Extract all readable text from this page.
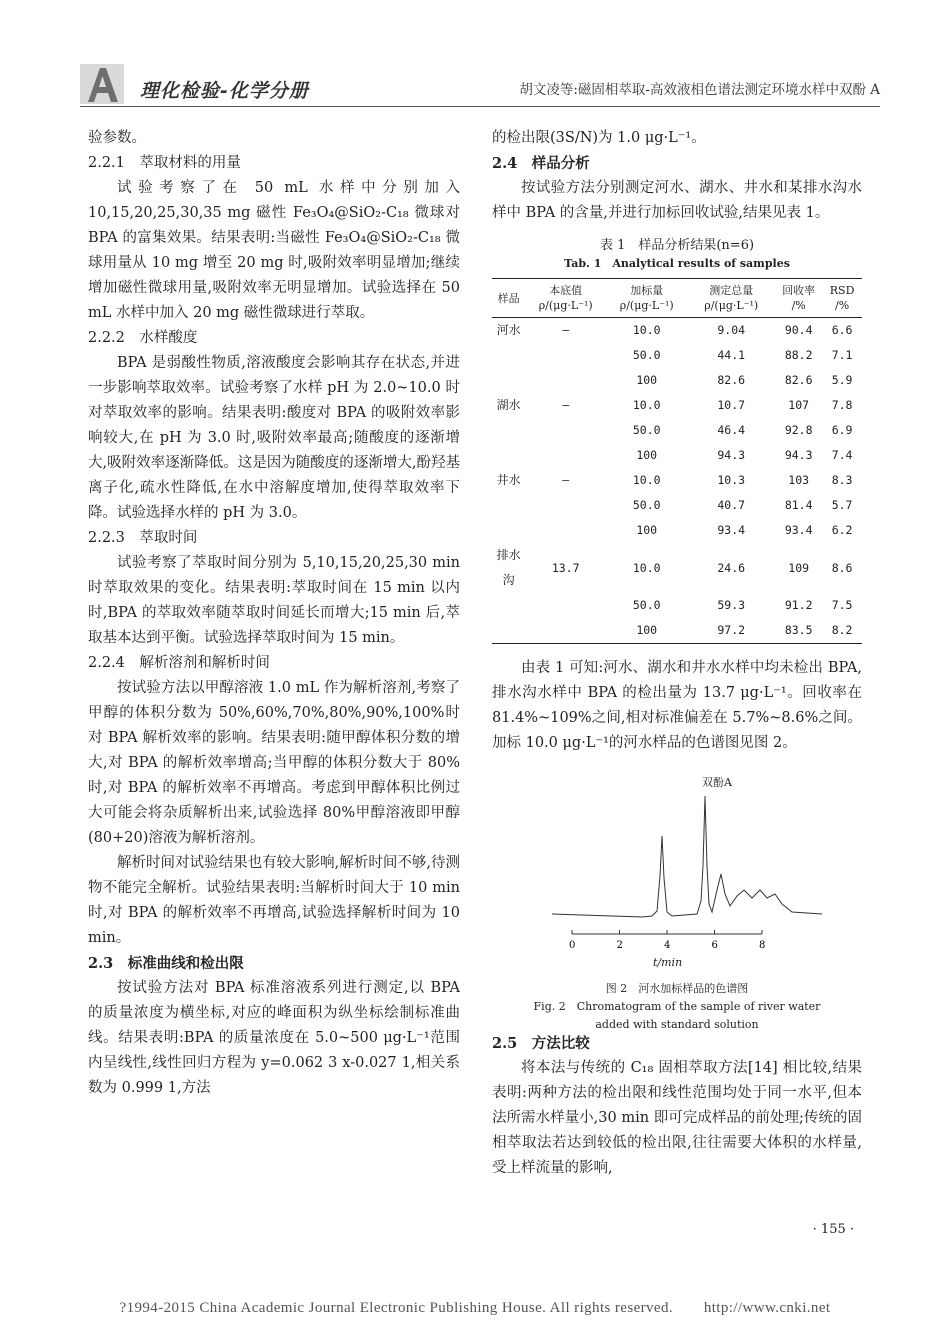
理化检验-化学分册	胡文凌等:磁固相萃取-高效液相色谱法测定环境水样中双酚 A

验参数。

2.2.1　萃取材料的用量

试验考察了在 50 mL 水样中分别加入 10,15,20,25,30,35 mg 磁性 Fe₃O₄@SiO₂-C₁₈ 微球对 BPA 的富集效果。结果表明:当磁性 Fe₃O₄@SiO₂-C₁₈ 微球用量从 10 mg 增至 20 mg 时,吸附效率明显增加;继续增加磁性微球用量,吸附效率无明显增加。试验选择在 50 mL 水样中加入 20 mg 磁性微球进行萃取。

2.2.2　水样酸度

BPA 是弱酸性物质,溶液酸度会影响其存在状态,并进一步影响萃取效率。试验考察了水样 pH 为 2.0~10.0 时对萃取效率的影响。结果表明:酸度对 BPA 的吸附效率影响较大,在 pH 为 3.0 时,吸附效率最高;随酸度的逐渐增大,吸附效率逐渐降低。这是因为随酸度的逐渐增大,酚羟基离子化,疏水性降低,在水中溶解度增加,使得萃取效率下降。试验选择水样的 pH 为 3.0。

2.2.3　萃取时间

试验考察了萃取时间分别为 5,10,15,20,25,30 min 时萃取效果的变化。结果表明:萃取时间在 15 min 以内时,BPA 的萃取效率随萃取时间延长而增大;15 min 后,萃取基本达到平衡。试验选择萃取时间为 15 min。

2.2.4　解析溶剂和解析时间

按试验方法以甲醇溶液 1.0 mL 作为解析溶剂,考察了甲醇的体积分数为 50%,60%,70%,80%,90%,100%时对 BPA 解析效率的影响。结果表明:随甲醇体积分数的增大,对 BPA 的解析效率增高;当甲醇的体积分数大于 80%时,对 BPA 的解析效率不再增高。考虑到甲醇体积比例过大可能会将杂质解析出来,试验选择 80%甲醇溶液即甲醇(80+20)溶液为解析溶剂。

解析时间对试验结果也有较大影响,解析时间不够,待测物不能完全解析。试验结果表明:当解析时间大于 10 min 时,对 BPA 的解析效率不再增高,试验选择解析时间为 10 min。

2.3　标准曲线和检出限

按试验方法对 BPA 标准溶液系列进行测定,以 BPA 的质量浓度为横坐标,对应的峰面积为纵坐标绘制标准曲线。结果表明:BPA 的质量浓度在 5.0~500 μg·L⁻¹范围内呈线性,线性回归方程为 y=0.062 3 x-0.027 1,相关系数为 0.999 1,方法

的检出限(3S/N)为 1.0 μg·L⁻¹。

2.4　样品分析

按试验方法分别测定河水、湖水、井水和某排水沟水样中 BPA 的含量,并进行加标回收试验,结果见表 1。

表 1　样品分析结果(n=6)
Tab. 1　Analytical results of samples
样品	本底值 ρ/(μg·L⁻¹)	加标量 ρ/(μg·L⁻¹)	测定总量 ρ/(μg·L⁻¹)	回收率 /%	RSD /%
河水	—	10.0	9.04	90.4	6.6
		50.0	44.1	88.2	7.1
		100	82.6	82.6	5.9
湖水	—	10.0	10.7	107	7.8
		50.0	46.4	92.8	6.9
		100	94.3	94.3	7.4
井水	—	10.0	10.3	103	8.3
		50.0	40.7	81.4	5.7
		100	93.4	93.4	6.2
排水沟	13.7	10.0	24.6	109	8.6
		50.0	59.3	91.2	7.5
		100	97.2	83.5	8.2

由表 1 可知:河水、湖水和井水水样中均未检出 BPA,排水沟水样中 BPA 的检出量为 13.7 μg·L⁻¹。回收率在 81.4%~109%之间,相对标准偏差在 5.7%~8.6%之间。加标 10.0 μg·L⁻¹的河水样品的色谱图见图 2。

双酚A
0	2	4	6	8
t/min
图 2　河水加标样品的色谱图
Fig. 2　Chromatogram of the sample of river water
added with standard solution

2.5　方法比较

将本法与传统的 C₁₈ 固相萃取方法[14] 相比较,结果表明:两种方法的检出限和线性范围均处于同一水平,但本法所需水样量小,30 min 即可完成样品的前处理;传统的固相萃取法若达到较低的检出限,往往需要大体积的水样量,受上样流量的影响,

· 155 ·
?1994-2015 China Academic Journal Electronic Publishing House. All rights reserved.　　http://www.cnki.net
